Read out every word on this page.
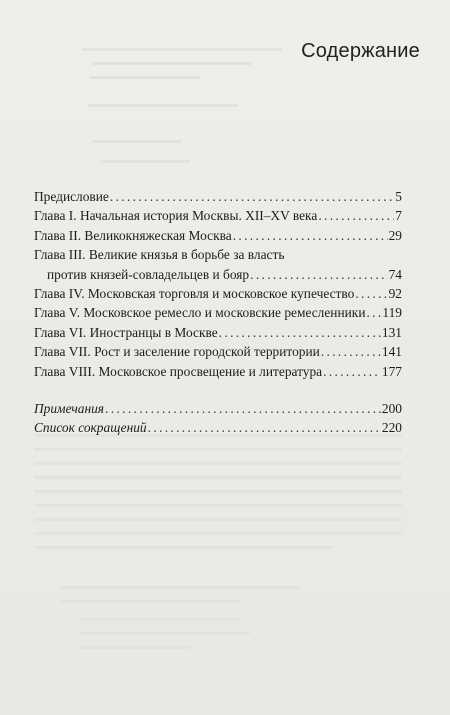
Содержание
Предисловие . . .	5
Глава I. Начальная история Москвы. XII–XV века . . .	7
Глава II. Великокняжеская Москва . . .	29
Глава III. Великие князья в борьбе за власть
против князей-совладельцев и бояр . . .	74
Глава IV. Московская торговля и московское купечество . . .	92
Глава V. Московское ремесло и московские ремесленники . . . 119
Глава VI. Иностранцы в Москве . . .	131
Глава VII. Рост и заселение городской территории . . .	141
Глава VIII. Московское просвещение и литература . . .	177
Примечания . . .	200
Список сокращений . . .	220
